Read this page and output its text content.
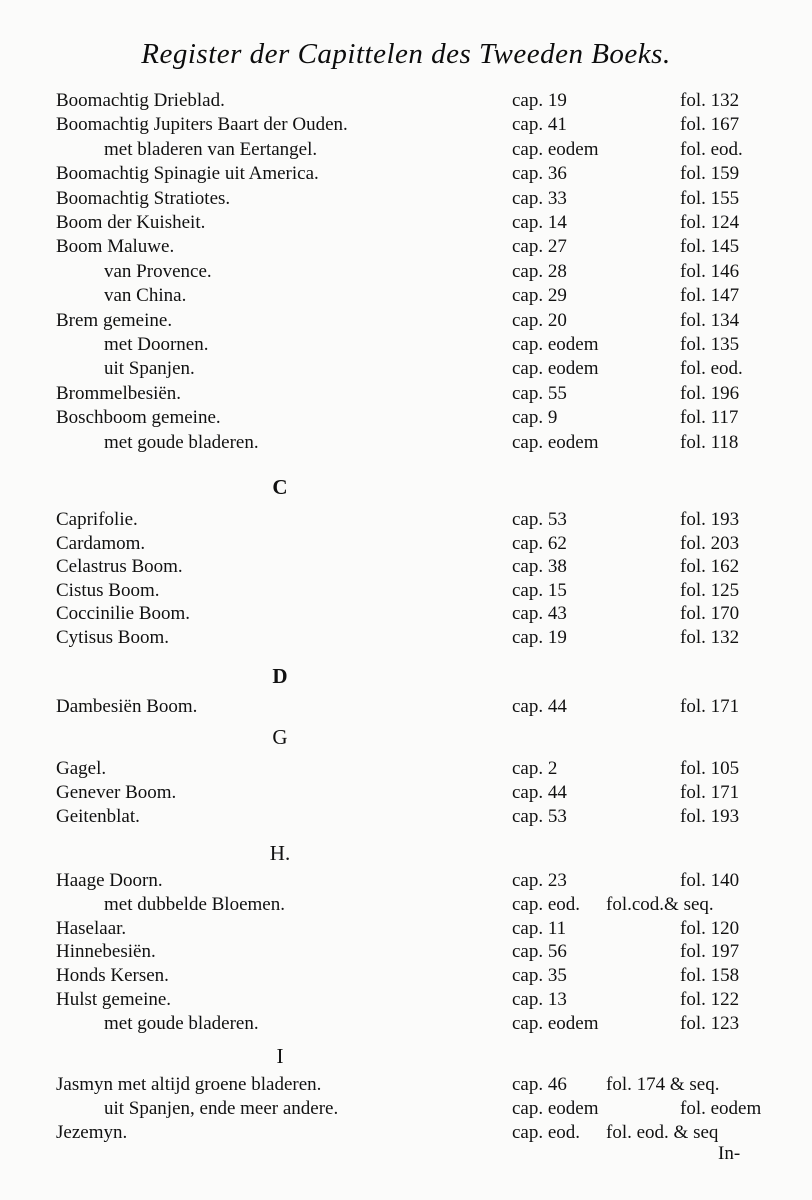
Register der Capittelen des Tweeden Boeks.
Boomachtig Drieblad.	cap. 19	fol. 132
Boomachtig Jupiters Baart der Ouden.	cap. 41	fol. 167
met bladeren van Eertangel.	cap. eodem	fol. eod.
Boomachtig Spinagie uit America.	cap. 36	fol. 159
Boomachtig Stratiotes.	cap. 33	fol. 155
Boom der Kuisheit.	cap. 14	fol. 124
Boom Maluwe.	cap. 27	fol. 145
van Provence.	cap. 28	fol. 146
van China.	cap. 29	fol. 147
Brem gemeine.	cap. 20	fol. 134
met Doornen.	cap. eodem	fol. 135
uit Spanjen.	cap. eodem	fol. eod.
Brommelbesiën.	cap. 55	fol. 196
Boschboom gemeine.	cap. 9	fol. 117
met goude bladeren.	cap. eodem	fol. 118
C
Caprifolie.	cap. 53	fol. 193
Cardamom.	cap. 62	fol. 203
Celastrus Boom.	cap. 38	fol. 162
Cistus Boom.	cap. 15	fol. 125
Coccinilie Boom.	cap. 43	fol. 170
Cytisus Boom.	cap. 19	fol. 132
D
Dambesiën Boom.	cap. 44	fol. 171
G
Gagel.	cap. 2	fol. 105
Genever Boom.	cap. 44	fol. 171
Geitenblat.	cap. 53	fol. 193
H.
Haage Doorn.	cap. 23	fol. 140
met dubbelde Bloemen.	cap. eod. fol.cod.& seq.
Haselaar.	cap. 11	fol. 120
Hinnebesiën.	cap. 56	fol. 197
Honds Kersen.	cap. 35	fol. 158
Hulst gemeine.	cap. 13	fol. 122
met goude bladeren.	cap. eodem	fol. 123
I
Jasmyn met altijd groene bladeren.	cap. 46 fol. 174 & seq.
uit Spanjen, ende meer andere.	cap. eodem	fol. eodem
Jezemyn.	cap. eod. fol. eod. & seq
In-
